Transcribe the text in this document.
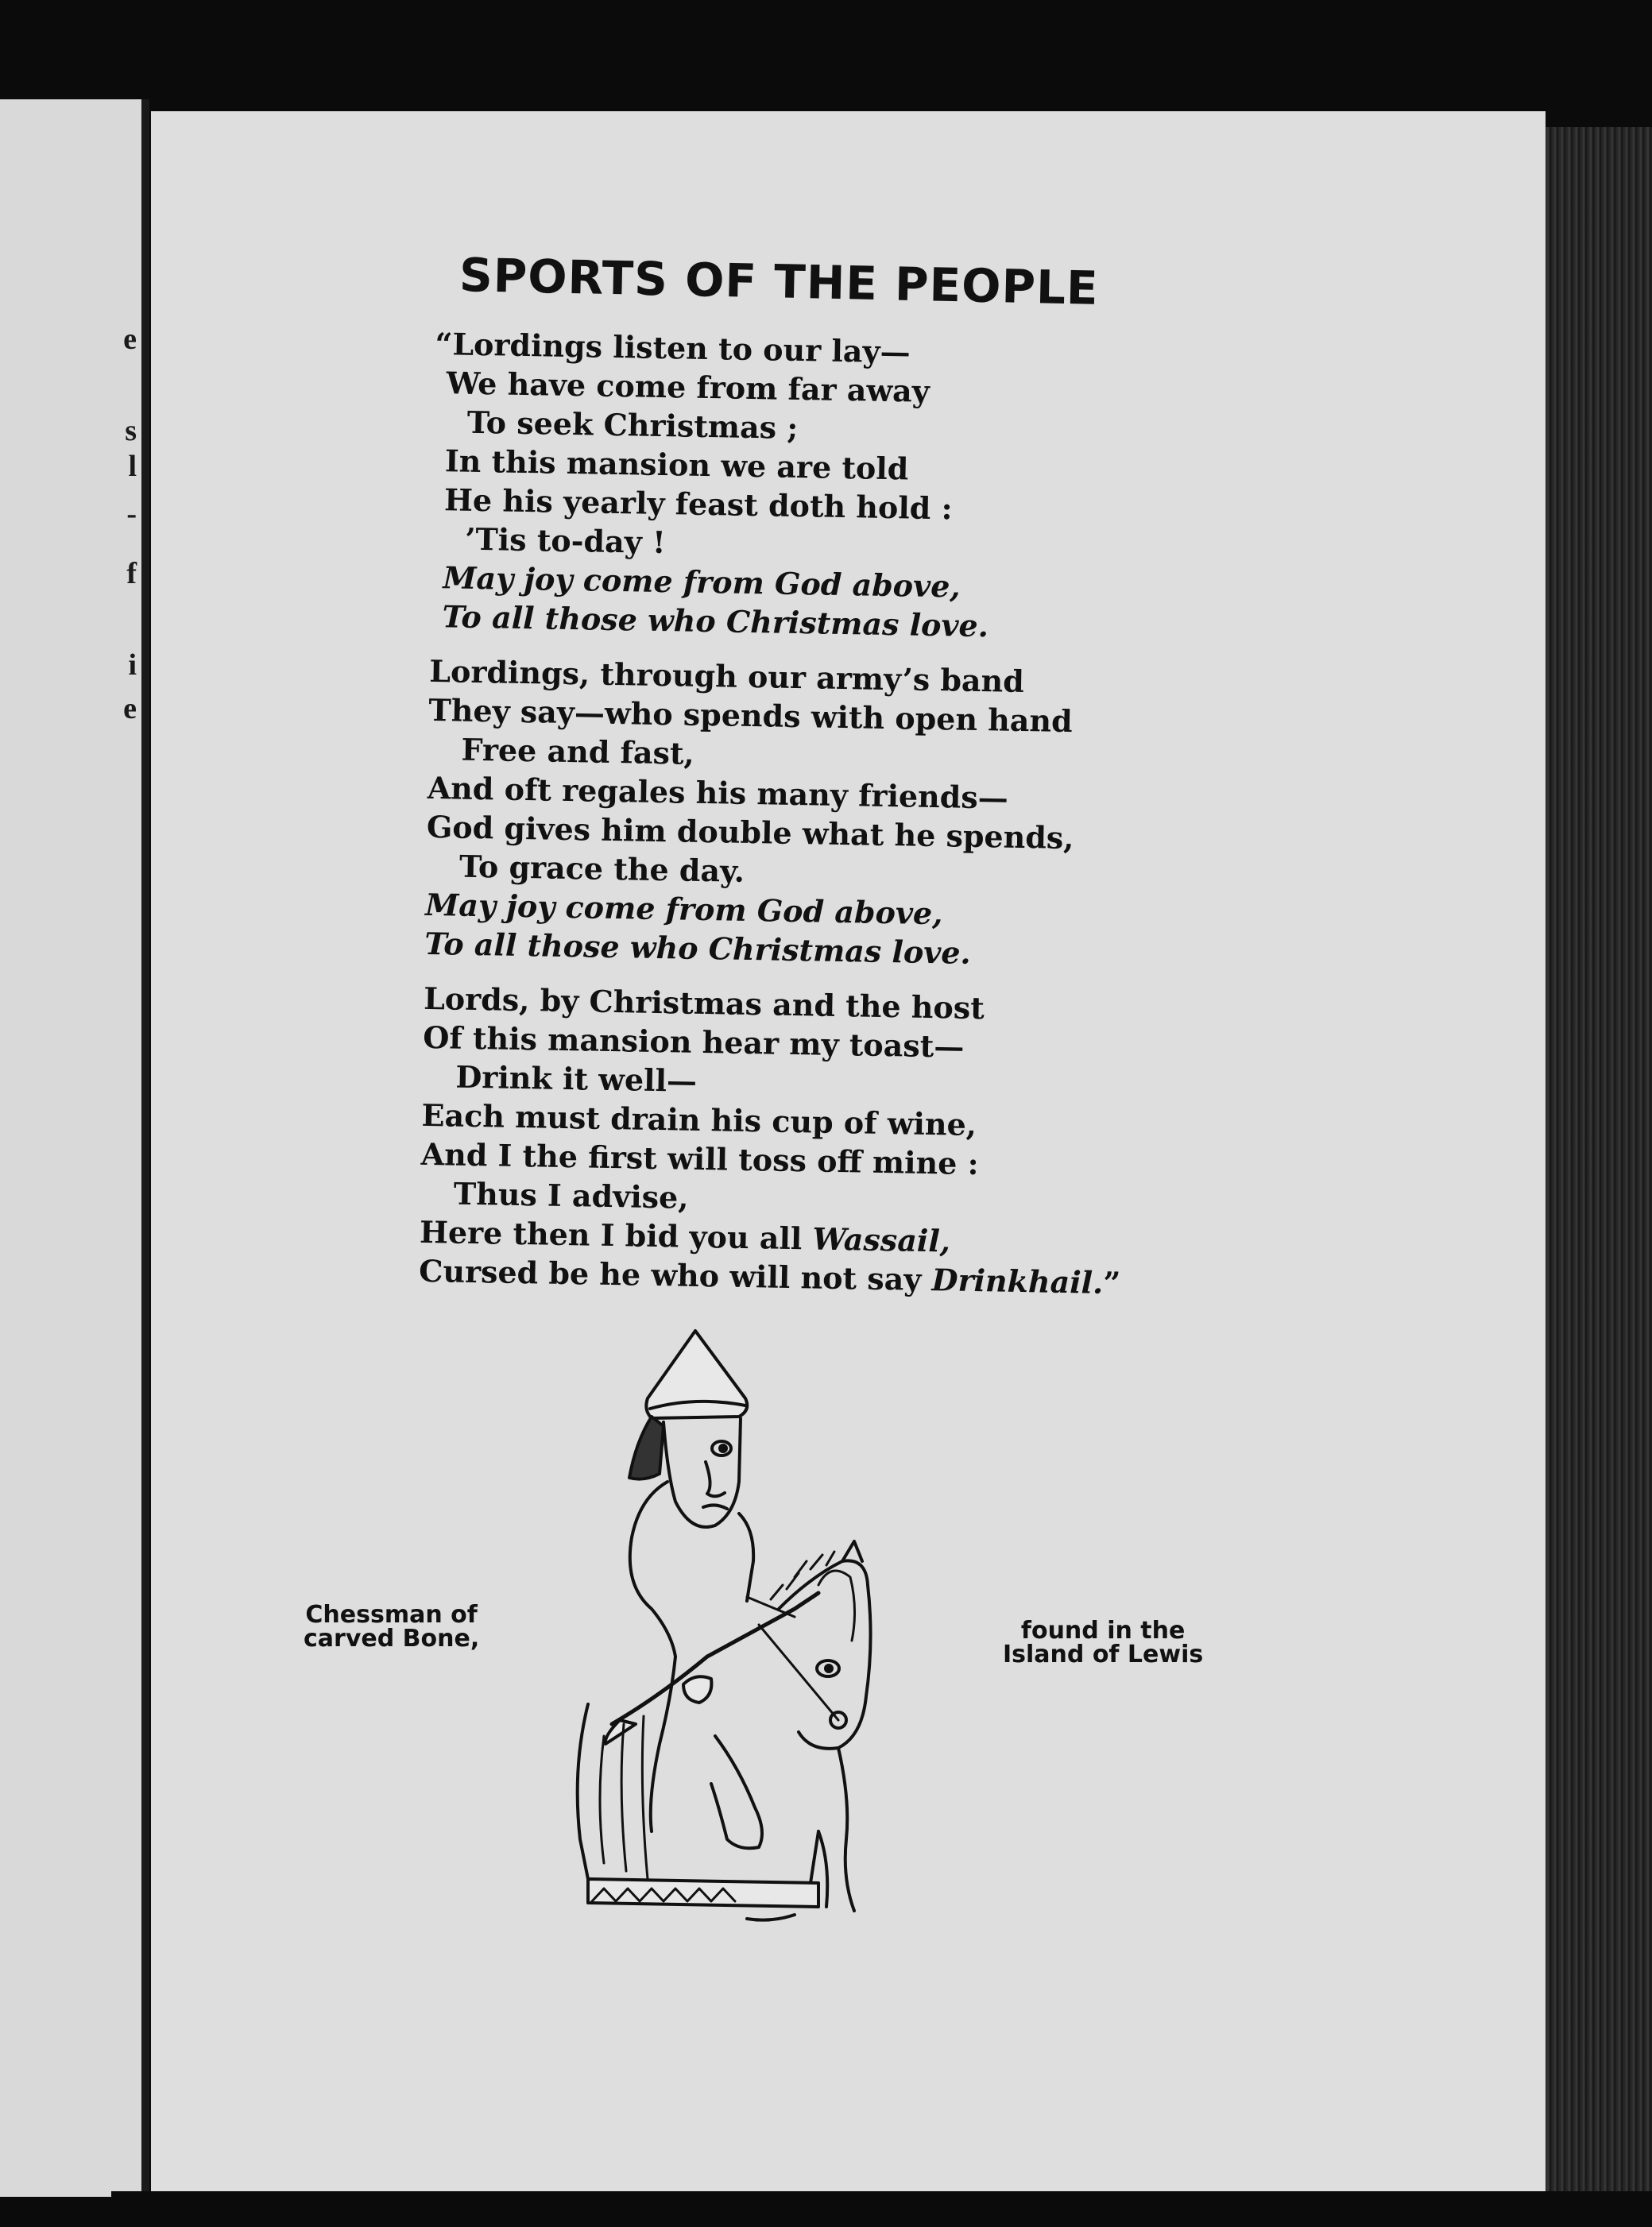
e
s
l
-
f
i
e
SPORTS OF THE PEOPLE
“Lordings listen to our lay—
We have come from far away
To seek Christmas ;
In this mansion we are told
He his yearly feast doth hold :
’Tis to-day !
May joy come from God above,
To all those who Christmas love.
Lordings, through our army’s band
They say—who spends with open hand
Free and fast,
And oft regales his many friends—
God gives him double what he spends,
To grace the day.
May joy come from God above,
To all those who Christmas love.
Lords, by Christmas and the host
Of this mansion hear my toast—
Drink it well—
Each must drain his cup of wine,
And I the first will toss off mine :
Thus I advise,
Here then I bid you all Wassail,
Cursed be he who will not say Drinkhail.”
Chessman of
carved Bone,	found in the
Island of Lewis
